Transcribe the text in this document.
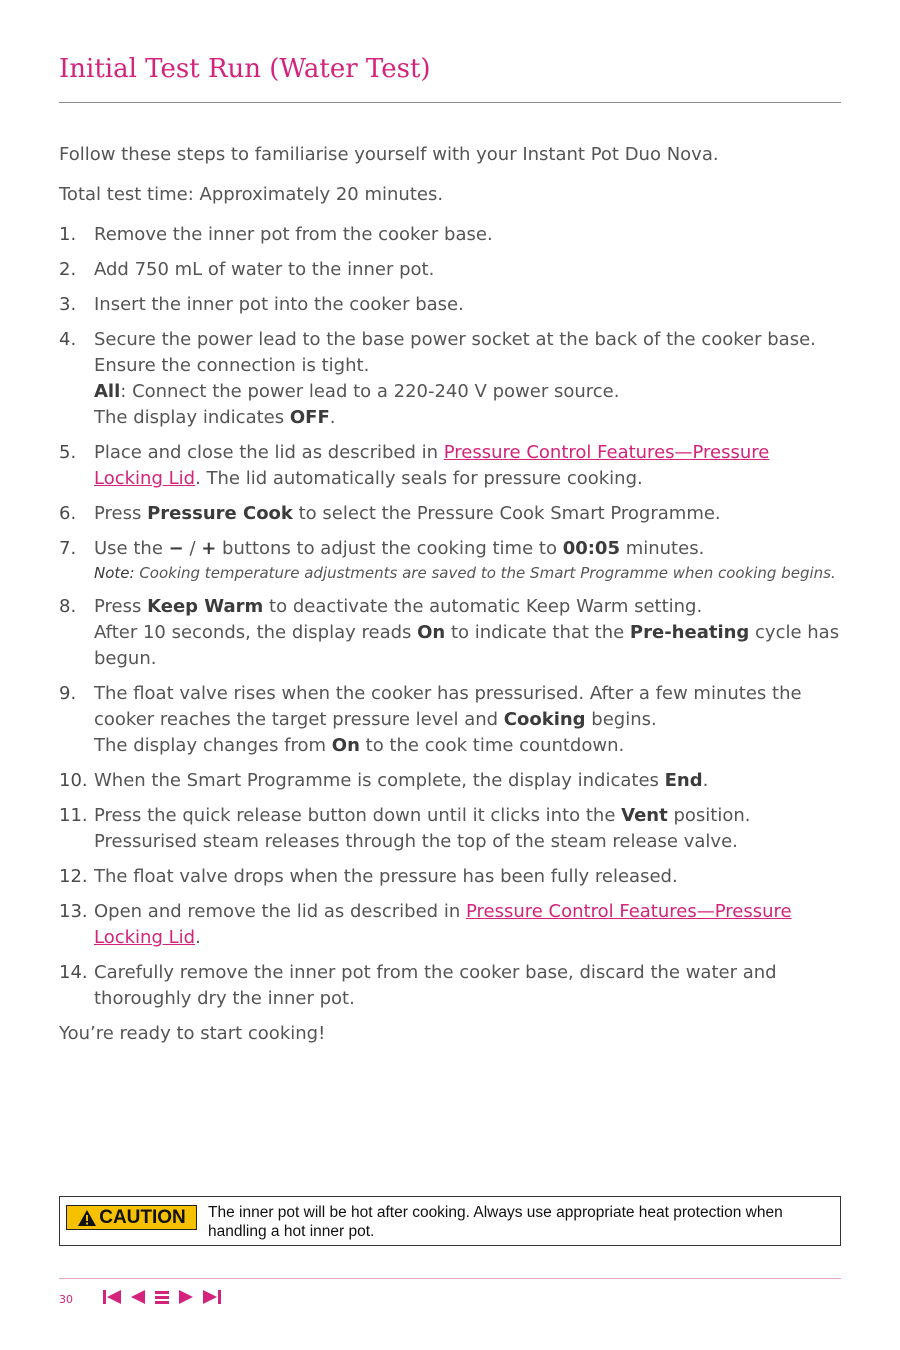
Initial Test Run (Water Test)

Follow these steps to familiarise yourself with your Instant Pot Duo Nova.

Total test time: Approximately 20 minutes.

1. Remove the inner pot from the cooker base.
2. Add 750 mL of water to the inner pot.
3. Insert the inner pot into the cooker base.
4. Secure the power lead to the base power socket at the back of the cooker base. Ensure the connection is tight.
All: Connect the power lead to a 220-240 V power source.
The display indicates OFF.
5. Place and close the lid as described in Pressure Control Features—Pressure Locking Lid. The lid automatically seals for pressure cooking.
6. Press Pressure Cook to select the Pressure Cook Smart Programme.
7. Use the − / + buttons to adjust the cooking time to 00:05 minutes.
Note: Cooking temperature adjustments are saved to the Smart Programme when cooking begins.
8. Press Keep Warm to deactivate the automatic Keep Warm setting.
After 10 seconds, the display reads On to indicate that the Pre-heating cycle has begun.
9. The float valve rises when the cooker has pressurised. After a few minutes the cooker reaches the target pressure level and Cooking begins.
The display changes from On to the cook time countdown.
10. When the Smart Programme is complete, the display indicates End.
11. Press the quick release button down until it clicks into the Vent position.
Pressurised steam releases through the top of the steam release valve.
12. The float valve drops when the pressure has been fully released.
13. Open and remove the lid as described in Pressure Control Features—Pressure Locking Lid.
14. Carefully remove the inner pot from the cooker base, discard the water and thoroughly dry the inner pot.

You’re ready to start cooking!

CAUTION The inner pot will be hot after cooking. Always use appropriate heat protection when handling a hot inner pot.
30
